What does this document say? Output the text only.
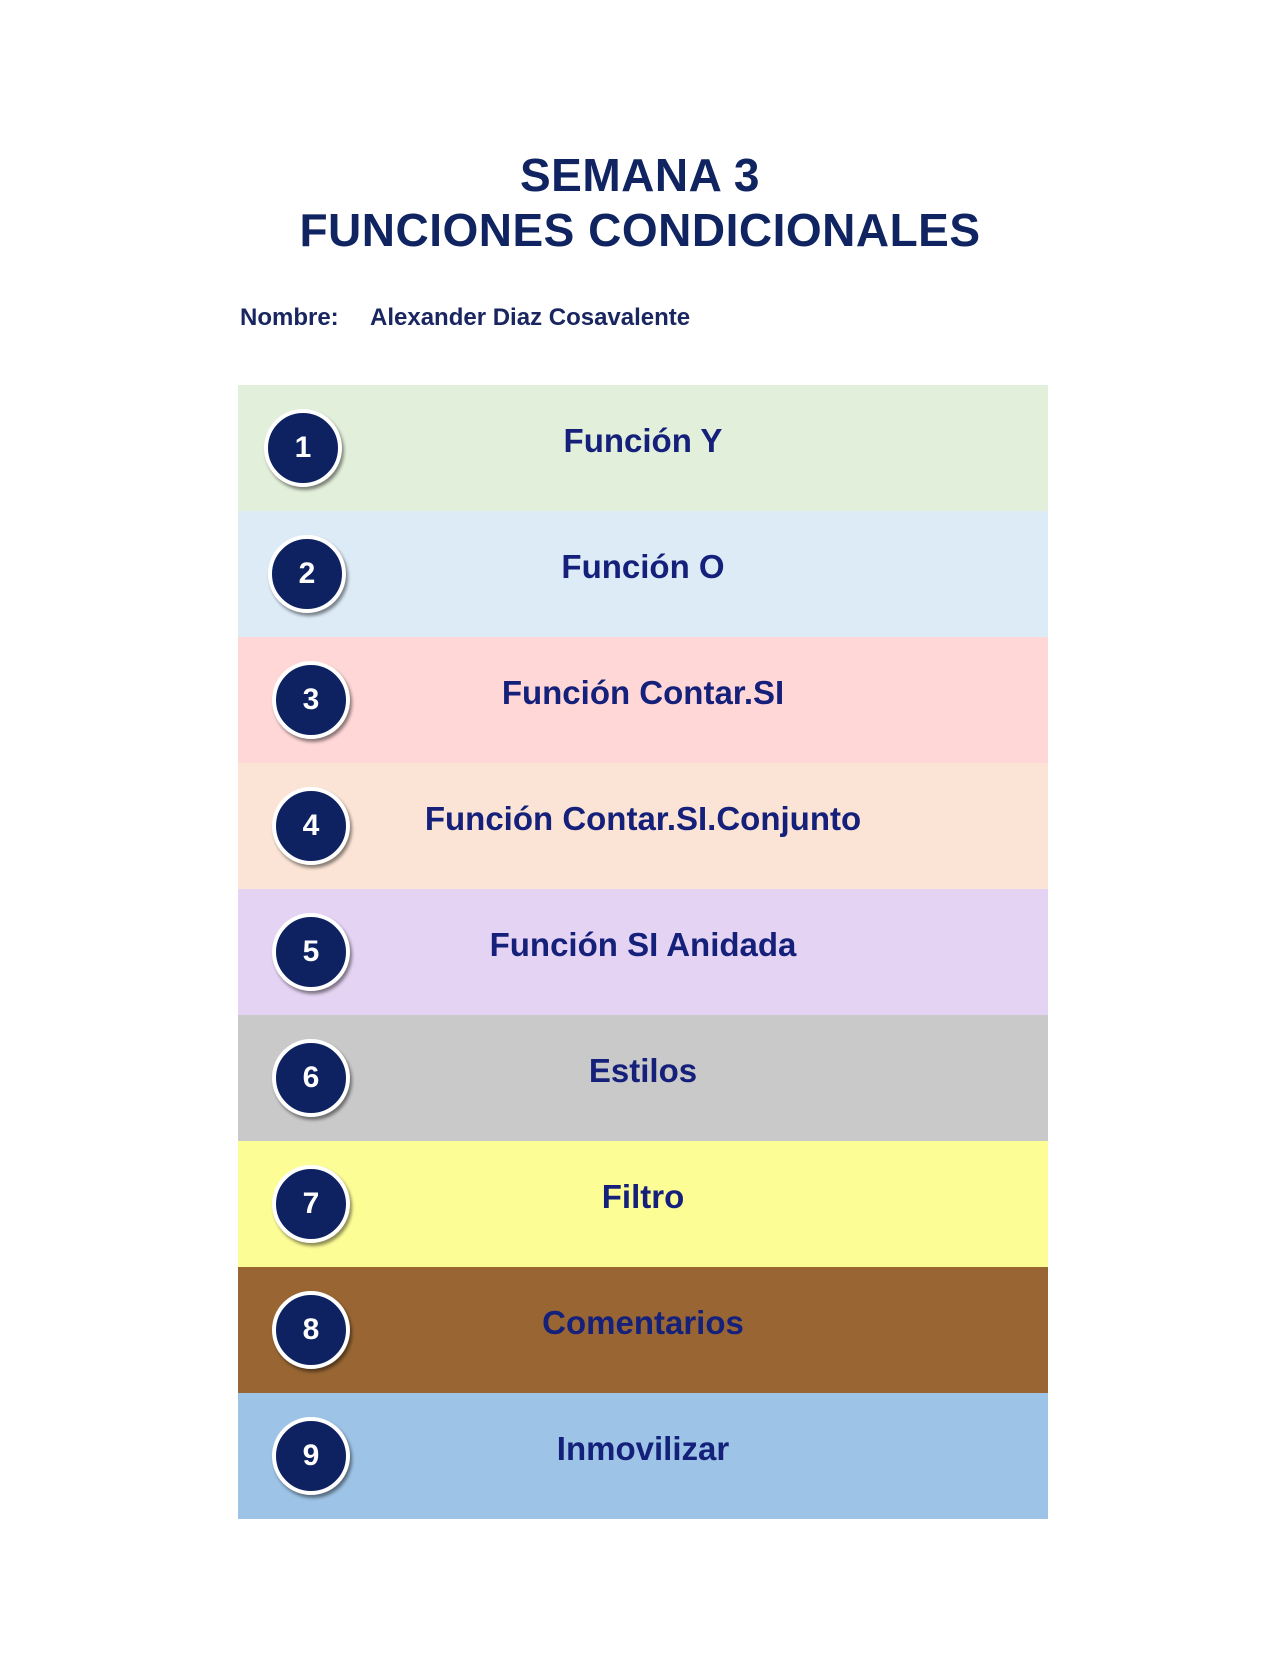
SEMANA 3
FUNCIONES CONDICIONALES
Nombre: Alexander Diaz Cosavalente
1	Función Y
2	Función O
3	Función Contar.SI
4	Función Contar.SI.Conjunto
5	Función SI Anidada
6	Estilos
7	Filtro
8	Comentarios
9	Inmovilizar
